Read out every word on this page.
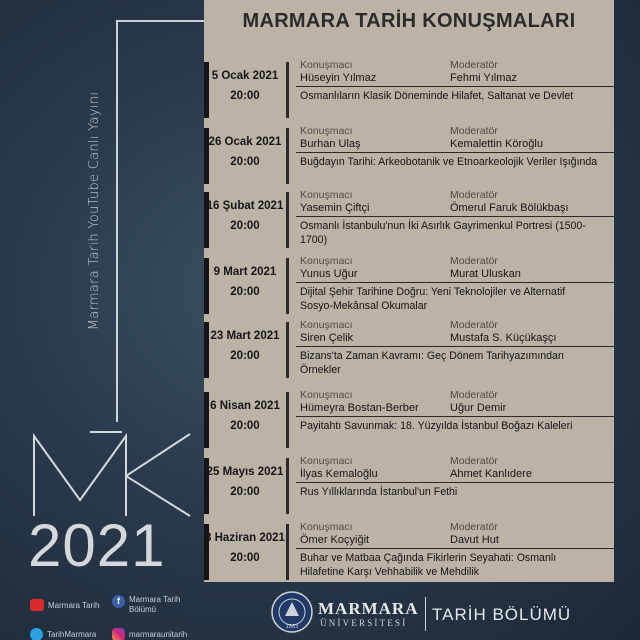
Marmara Tarih YouTube Canlı Yayını
2021
MARMARA TARİH KONUŞMALARI
5 Ocak 2021
20:00
Konuşmacı	Moderatör
Hüseyin Yılmaz	Fehmi Yılmaz
Osmanlıların Klasik Döneminde Hilafet, Saltanat ve Devlet
26 Ocak 2021
20:00
Konuşmacı	Moderatör
Burhan Ulaş	Kemalettin Köroğlu
Buğdayın Tarihi: Arkeobotanik ve Etnoarkeolojik Veriler Işığında
16 Şubat 2021
20:00
Konuşmacı	Moderatör
Yasemin Çiftçi	Ömerul Faruk Bölükbaşı
Osmanlı İstanbulu'nun İki Asırlık Gayrimenkul Portresi (1500-1700)
9 Mart 2021
20:00
Konuşmacı	Moderatör
Yunus Uğur	Murat Uluskan
Dijital Şehir Tarihine Doğru: Yeni Teknolojiler ve Alternatif Sosyo-Mekânsal Okumalar
23 Mart 2021
20:00
Konuşmacı	Moderatör
Siren Çelik	Mustafa S. Küçükaşçı
Bizans'ta Zaman Kavramı: Geç Dönem Tarihyazımından Örnekler
6 Nisan 2021
20:00
Konuşmacı	Moderatör
Hümeyra Bostan-Berber	Uğur Demir
Payitahtı Savunmak: 18. Yüzyılda İstanbul Boğazı Kaleleri
25 Mayıs 2021
20:00
Konuşmacı	Moderatör
İlyas Kemaloğlu	Ahmet Kanlıdere
Rus Yıllıklarında İstanbul'un Fethi
8 Haziran 2021
20:00
Konuşmacı	Moderatör
Ömer Koçyiğit	Davut Hut
Buhar ve Matbaa Çağında Fikirlerin Seyahati: Osmanlı Hilafetine Karşı Vehhabilik ve Mehdilik
Marmara Tarih	f	Marmara Tarih
Bölümü
TarihMarmara	marmaraunitarih
1883
MARMARA
ÜNİVERSİTESİ TARİH BÖLÜMÜ
